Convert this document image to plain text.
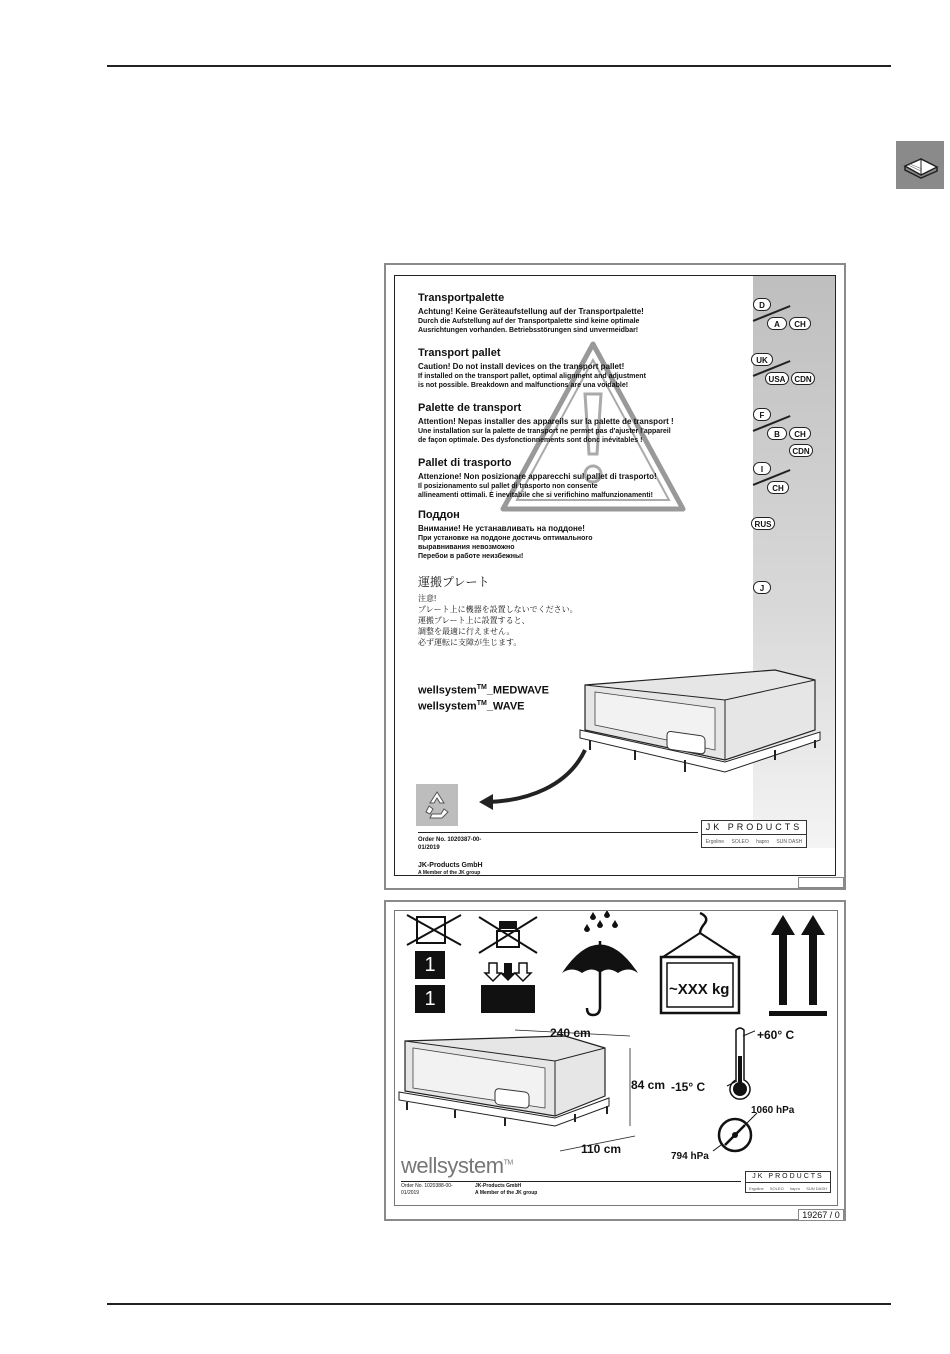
Transportpalette
Achtung! Keine Geräteaufstellung auf der Transportpalette!
Durch die Aufstellung auf der Transportpalette sind keine optimale
Ausrichtungen vorhanden. Betriebsstörungen sind unvermeidbar!
Transport pallet
Caution! Do not install devices on the transport pallet!
If installed on the transport pallet, optimal alignment and adjustment
is not possible. Breakdown and malfunctions are una voidable!
Palette de transport
Attention! Nepas installer des appareils sur la palette de transport !
Une installation sur la palette de transport ne permet pas d'ajuster l'appareil
de façon optimale. Des dysfonctionnements sont donc inévitables !
Pallet di trasporto
Attenzione! Non posizionare apparecchi sul pallet di trasporto!
Il posizionamento sul pallet di trasporto non consente
allineamenti ottimali. È inevitabile che si verifichino malfunzionamenti!
Поддон
Внимание! Не устанавливать на поддоне!
При установке на поддоне достичь оптимального
выравнивания невозможно
Перебои в работе неизбежны!
運搬プレート
注意!
プレート上に機器を設置しないでください。
運搬プレート上に設置すると、
調整を最適に行えません。
必ず運転に支障が生じます。
D
A	CH
UK
USA	CDN
F
B	CH
CDN
I
CH
RUS
J
wellsystem™_MEDWAVE
wellsystem™_WAVE
JK PRODUCTS
Ergoline SOLEO hapro SUN DASH
Order No. 1020387-00-
01/2019
JK-Products GmbH
A Member of the JK group
1
1	~XXX kg
240 cm
84 cm
110 cm
+60° C
-15° C
1060 hPa
794 hPa
wellsystem™
Order No. 1020388-00-
01/2019
JK-Products GmbH
A Member of the JK group
JK PRODUCTS
Ergoline SOLEO hapro SUN DASH
19267 / 0
